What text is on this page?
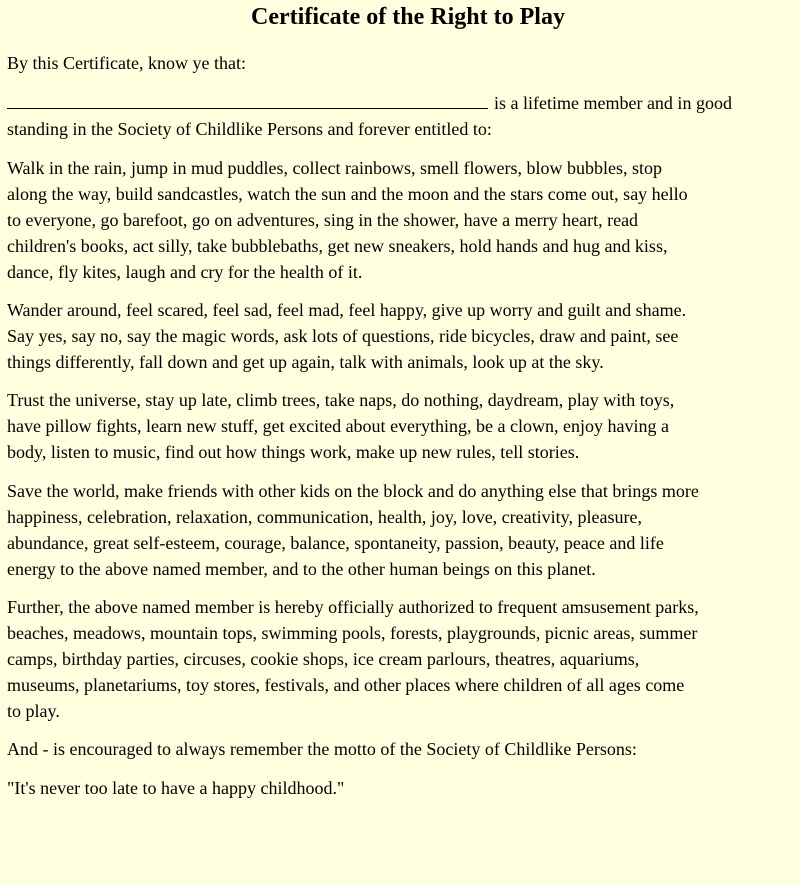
Certificate of the Right to Play

By this Certificate, know ye that:

is a lifetime member and in good
standing in the Society of Childlike Persons and forever entitled to:

Walk in the rain, jump in mud puddles, collect rainbows, smell flowers, blow bubbles, stop
along the way, build sandcastles, watch the sun and the moon and the stars come out, say hello
to everyone, go barefoot, go on adventures, sing in the shower, have a merry heart, read
children's books, act silly, take bubblebaths, get new sneakers, hold hands and hug and kiss,
dance, fly kites, laugh and cry for the health of it.

Wander around, feel scared, feel sad, feel mad, feel happy, give up worry and guilt and shame.
Say yes, say no, say the magic words, ask lots of questions, ride bicycles, draw and paint, see
things differently, fall down and get up again, talk with animals, look up at the sky.

Trust the universe, stay up late, climb trees, take naps, do nothing, daydream, play with toys,
have pillow fights, learn new stuff, get excited about everything, be a clown, enjoy having a
body, listen to music, find out how things work, make up new rules, tell stories.

Save the world, make friends with other kids on the block and do anything else that brings more
happiness, celebration, relaxation, communication, health, joy, love, creativity, pleasure,
abundance, great self-esteem, courage, balance, spontaneity, passion, beauty, peace and life
energy to the above named member, and to the other human beings on this planet.

Further, the above named member is hereby officially authorized to frequent amsusement parks,
beaches, meadows, mountain tops, swimming pools, forests, playgrounds, picnic areas, summer
camps, birthday parties, circuses, cookie shops, ice cream parlours, theatres, aquariums,
museums, planetariums, toy stores, festivals, and other places where children of all ages come
to play.

And - is encouraged to always remember the motto of the Society of Childlike Persons:

"It's never too late to have a happy childhood."
